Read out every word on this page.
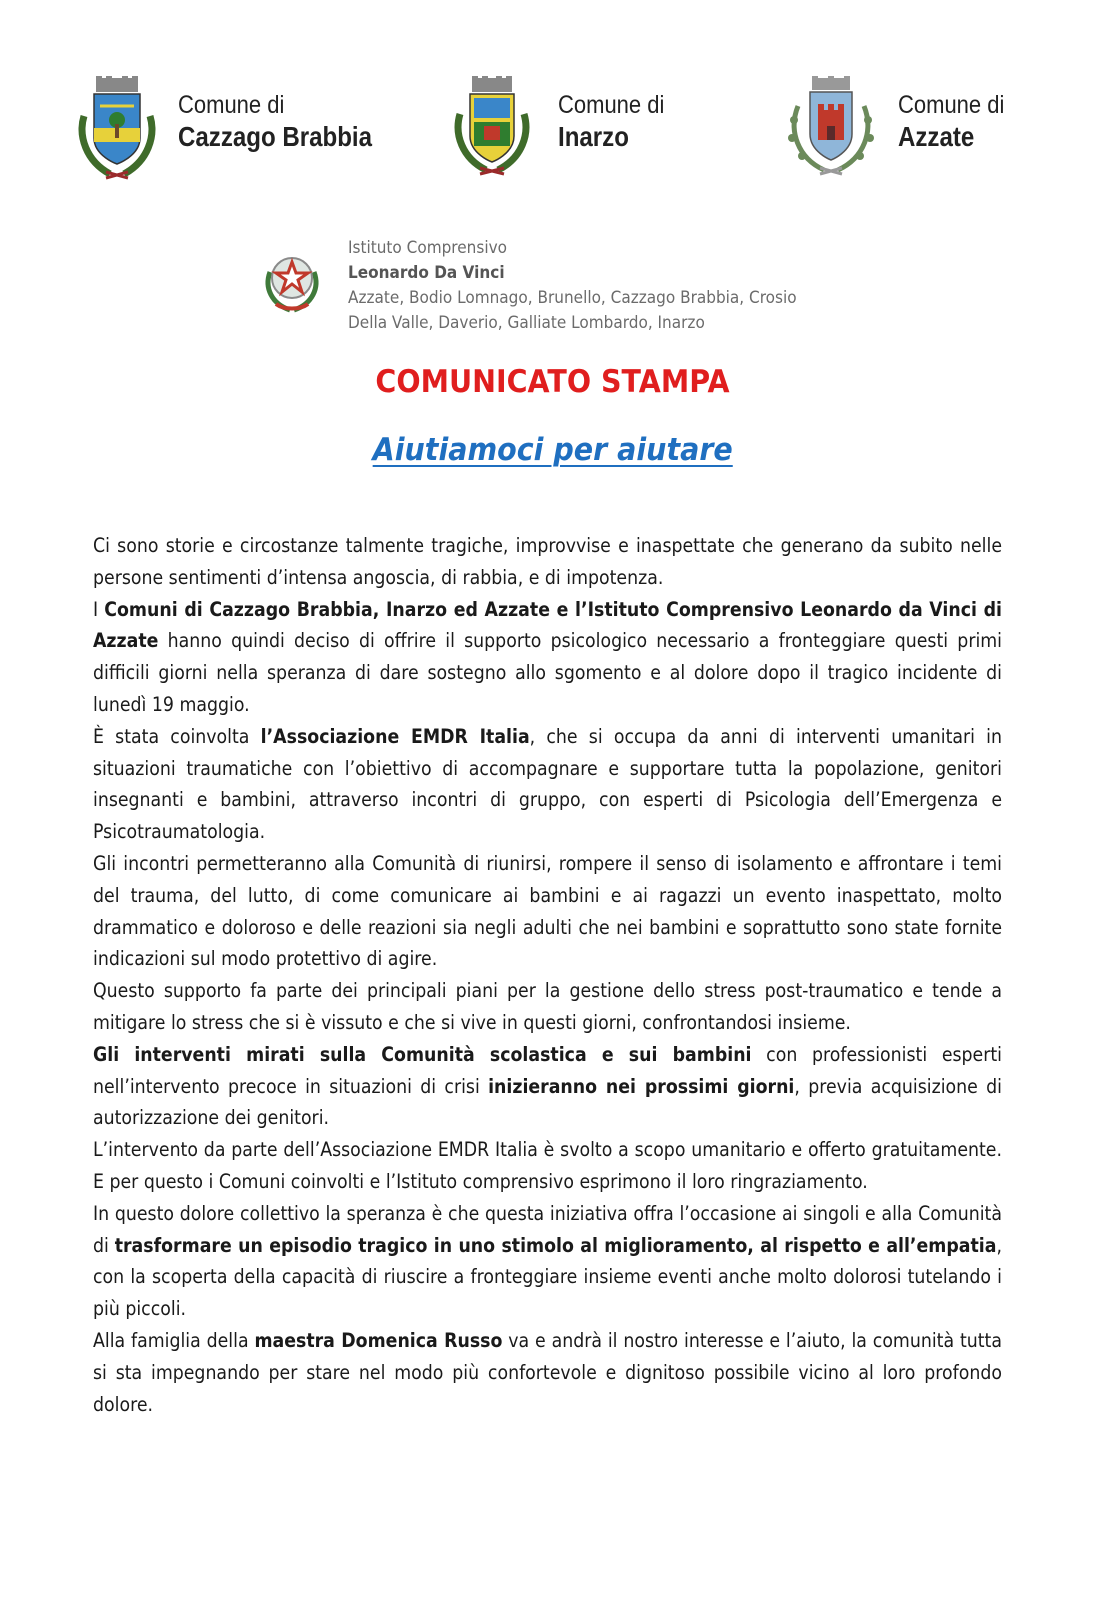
Comune di
Cazzago Brabbia
Comune di
Inarzo
Comune di
Azzate
Istituto Comprensivo
Leonardo Da Vinci
Azzate, Bodio Lomnago, Brunello, Cazzago Brabbia, Crosio
Della Valle, Daverio, Galliate Lombardo, Inarzo
COMUNICATO STAMPA
Aiutiamoci per aiutare

Ci sono storie e circostanze talmente tragiche, improvvise e inaspettate che generano da subito nelle persone sentimenti d’intensa angoscia, di rabbia, e di impotenza.

I Comuni di Cazzago Brabbia, Inarzo ed Azzate e l’Istituto Comprensivo Leonardo da Vinci di Azzate hanno quindi deciso di offrire il supporto psicologico necessario a fronteggiare questi primi difficili giorni nella speranza di dare sostegno allo sgomento e al dolore dopo il tragico incidente di lunedì 19 maggio.

È stata coinvolta l’Associazione EMDR Italia, che si occupa da anni di interventi umanitari in situazioni traumatiche con l’obiettivo di accompagnare e supportare tutta la popolazione, genitori insegnanti e bambini, attraverso incontri di gruppo, con esperti di Psicologia dell’Emergenza e Psicotraumatologia.

Gli incontri permetteranno alla Comunità di riunirsi, rompere il senso di isolamento e affrontare i temi del trauma, del lutto, di come comunicare ai bambini e ai ragazzi un evento inaspettato, molto drammatico e doloroso e delle reazioni sia negli adulti che nei bambini e soprattutto sono state fornite indicazioni sul modo protettivo di agire.

Questo supporto fa parte dei principali piani per la gestione dello stress post-traumatico e tende a mitigare lo stress che si è vissuto e che si vive in questi giorni, confrontandosi insieme.

Gli interventi mirati sulla Comunità scolastica e sui bambini con professionisti esperti nell’intervento precoce in situazioni di crisi inizieranno nei prossimi giorni, previa acquisizione di autorizzazione dei genitori.

L’intervento da parte dell’Associazione EMDR Italia è svolto a scopo umanitario e offerto gratuitamente. E per questo i Comuni coinvolti e l’Istituto comprensivo esprimono il loro ringraziamento.

In questo dolore collettivo la speranza è che questa iniziativa offra l’occasione ai singoli e alla Comunità di trasformare un episodio tragico in uno stimolo al miglioramento, al rispetto e all’empatia, con la scoperta della capacità di riuscire a fronteggiare insieme eventi anche molto dolorosi tutelando i più piccoli.

Alla famiglia della maestra Domenica Russo va e andrà il nostro interesse e l’aiuto, la comunità tutta si sta impegnando per stare nel modo più confortevole e dignitoso possibile vicino al loro profondo dolore.
